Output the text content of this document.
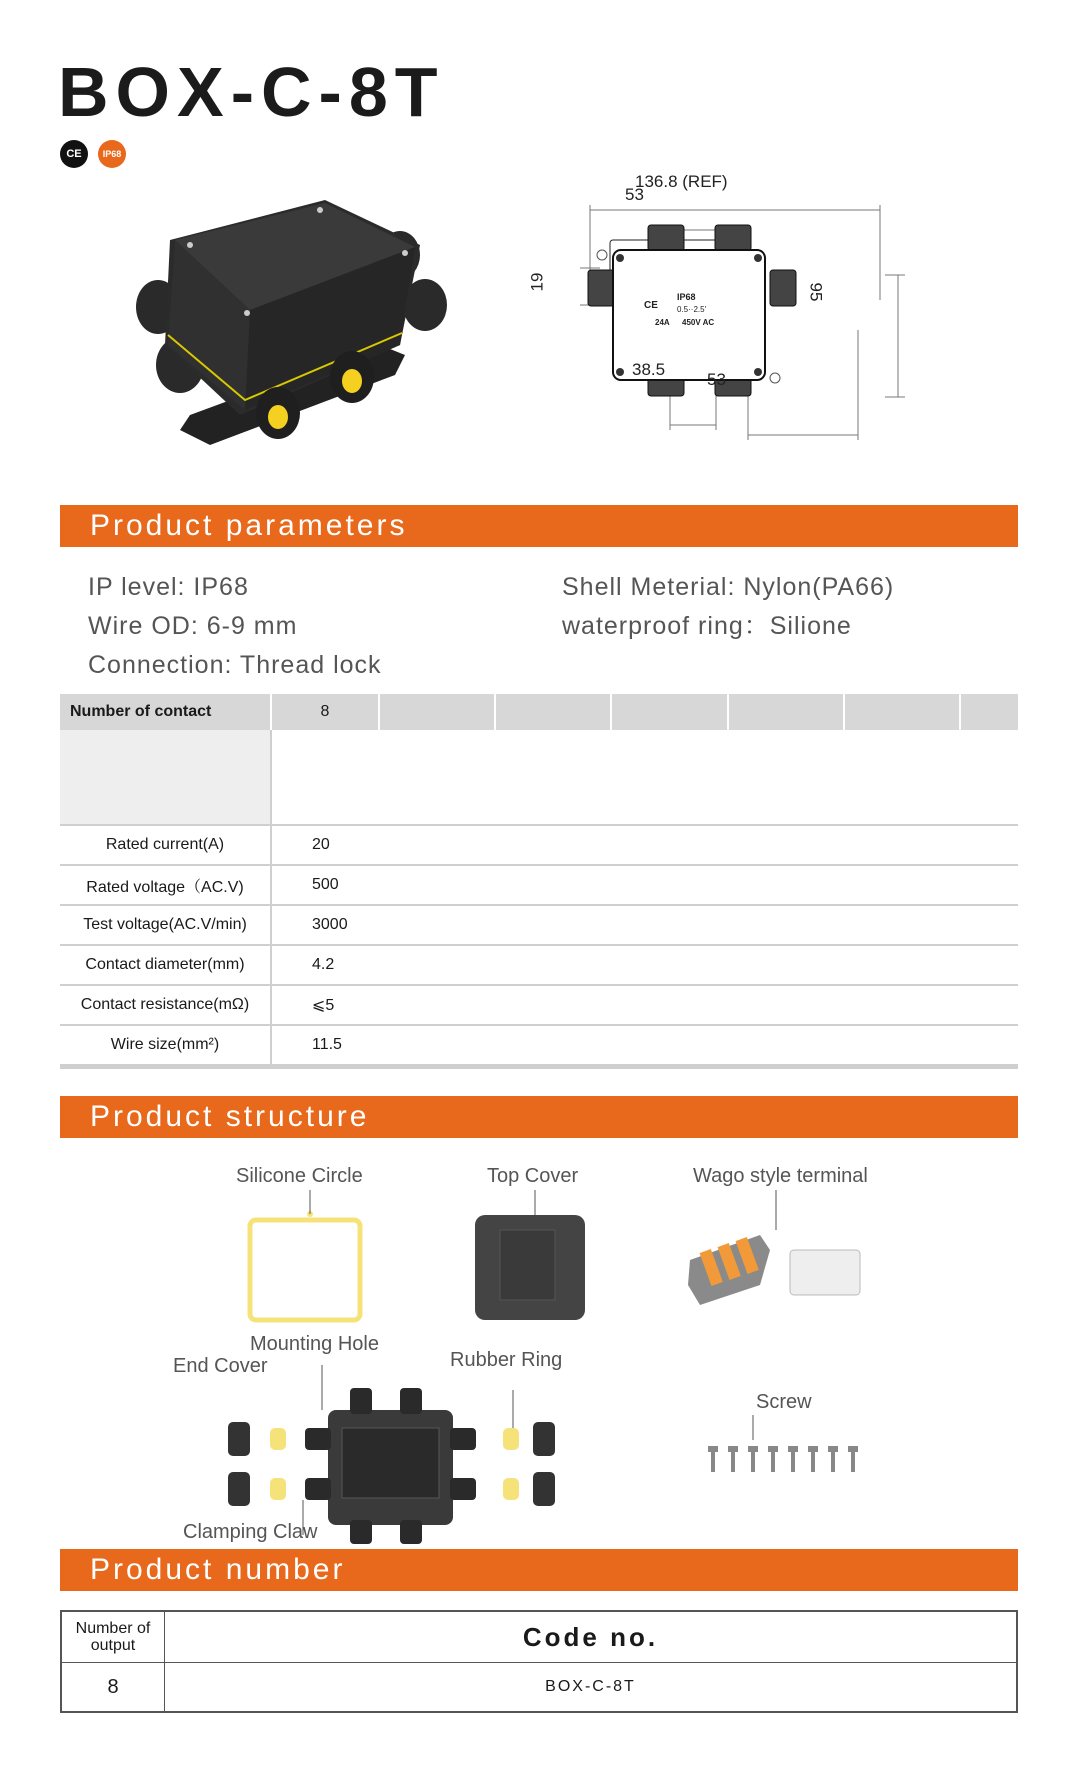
BOX-C-8T
CE	IP68
CE
136.8 (REF)
53
19
95
38.5
53
IP68
0.5··2.5'
24A 450V AC
Product parameters
IP level: IP68
Wire OD: 6-9 mm
Connection: Thread lock
Shell Meterial: Nylon(PA66)
waterproof ring：Silione
Number of contact	8						

Rated current(A)	20						
Rated voltage（AC.V)	500						
Test voltage(AC.V/min)	3000						
Contact diameter(mm)	4.2						
Contact resistance(mΩ)	⩽5						
Wire size(mm²)	11.5						
Product structure
Silicone Circle	Top Cover	Wago style terminal
Mounting Hole
End Cover	Rubber Ring
Screw
Clamping Claw
Product number
Number of output	Code no.
8	BOX-C-8T
